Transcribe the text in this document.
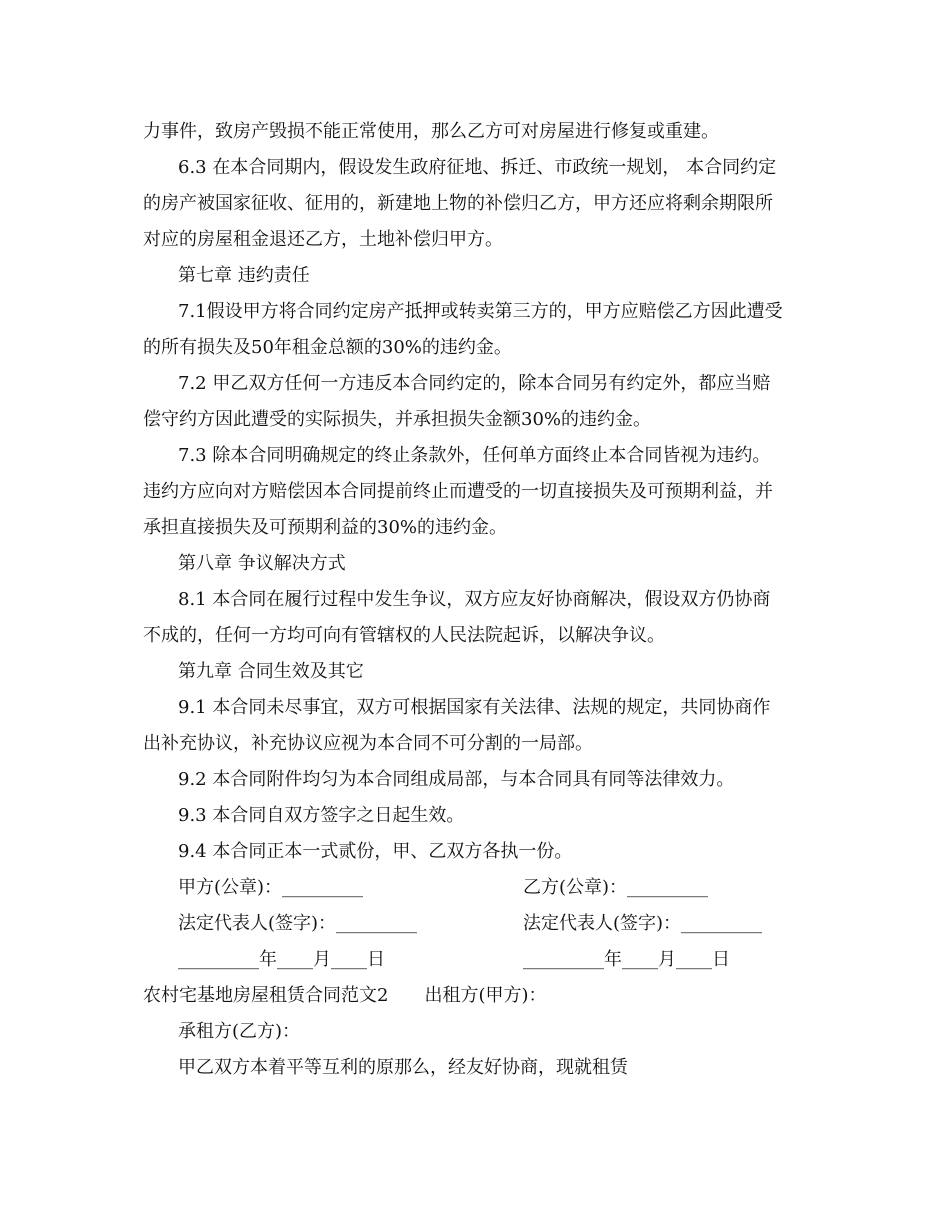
力事件，致房产毁损不能正常使用，那么乙方可对房屋进行修复或重建。
6.3 在本合同期内，假设发生政府征地、拆迁、市政统一规划， 本合同约定
的房产被国家征收、征用的，新建地上物的补偿归乙方，甲方还应将剩余期限所
对应的房屋租金退还乙方，土地补偿归甲方。
第七章 违约责任
7.1假设甲方将合同约定房产抵押或转卖第三方的，甲方应赔偿乙方因此遭受
的所有损失及50年租金总额的30%的违约金。
7.2 甲乙双方任何一方违反本合同约定的，除本合同另有约定外，都应当赔
偿守约方因此遭受的实际损失，并承担损失金额30%的违约金。
7.3 除本合同明确规定的终止条款外，任何单方面终止本合同皆视为违约。
违约方应向对方赔偿因本合同提前终止而遭受的一切直接损失及可预期利益，并
承担直接损失及可预期利益的30%的违约金。
第八章 争议解决方式
8.1 本合同在履行过程中发生争议，双方应友好协商解决，假设双方仍协商
不成的，任何一方均可向有管辖权的人民法院起诉，以解决争议。
第九章 合同生效及其它
9.1 本合同未尽事宜，双方可根据国家有关法律、法规的规定，共同协商作
出补充协议，补充协议应视为本合同不可分割的一局部。
9.2 本合同附件均匀为本合同组成局部，与本合同具有同等法律效力。
9.3 本合同自双方签字之日起生效。
9.4 本合同正本一式贰份，甲、乙双方各执一份。
甲方(公章)：_________	乙方(公章)：_________
法定代表人(签字)：_________	法定代表人(签字)：_________
_________年____月____日	_________年____月____日
农村宅基地房屋租赁合同范文2 出租方(甲方)：
承租方(乙方)：
甲乙双方本着平等互利的原那么，经友好协商，现就租赁
